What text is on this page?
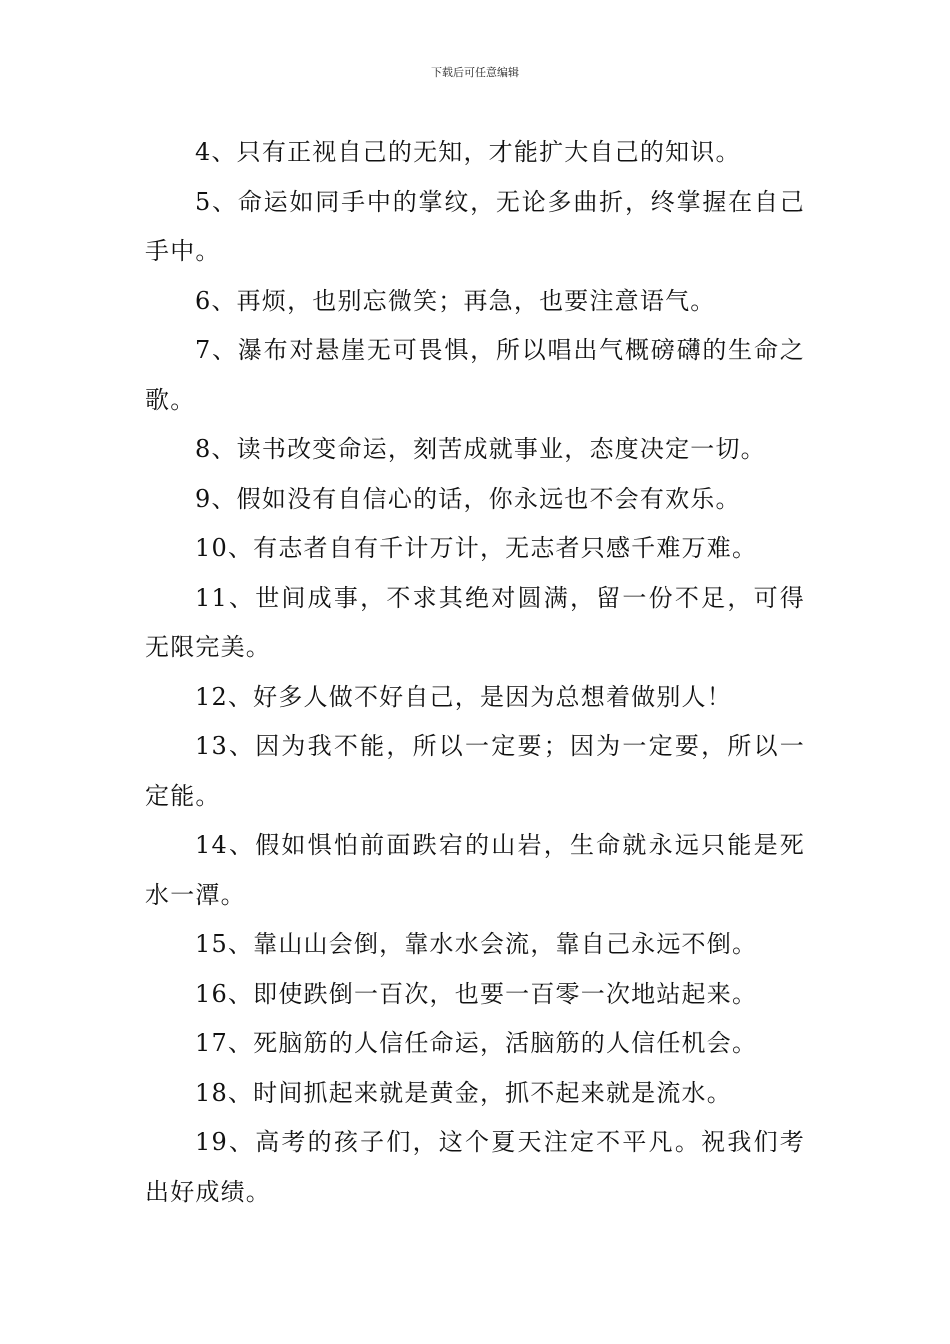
下载后可任意编辑

4、只有正视自己的无知，才能扩大自己的知识。

5、命运如同手中的掌纹，无论多曲折，终掌握在自己手中。

6、再烦，也别忘微笑；再急，也要注意语气。

7、瀑布对悬崖无可畏惧，所以唱出气概磅礴的生命之歌。

8、读书改变命运，刻苦成就事业，态度决定一切。

9、假如没有自信心的话，你永远也不会有欢乐。

10、有志者自有千计万计，无志者只感千难万难。

11、世间成事，不求其绝对圆满，留一份不足，可得无限完美。

12、好多人做不好自己，是因为总想着做别人！

13、因为我不能，所以一定要；因为一定要，所以一定能。

14、假如惧怕前面跌宕的山岩，生命就永远只能是死水一潭。

15、靠山山会倒，靠水水会流，靠自己永远不倒。

16、即使跌倒一百次，也要一百零一次地站起来。

17、死脑筋的人信任命运，活脑筋的人信任机会。

18、时间抓起来就是黄金，抓不起来就是流水。

19、高考的孩子们，这个夏天注定不平凡。祝我们考出好成绩。
